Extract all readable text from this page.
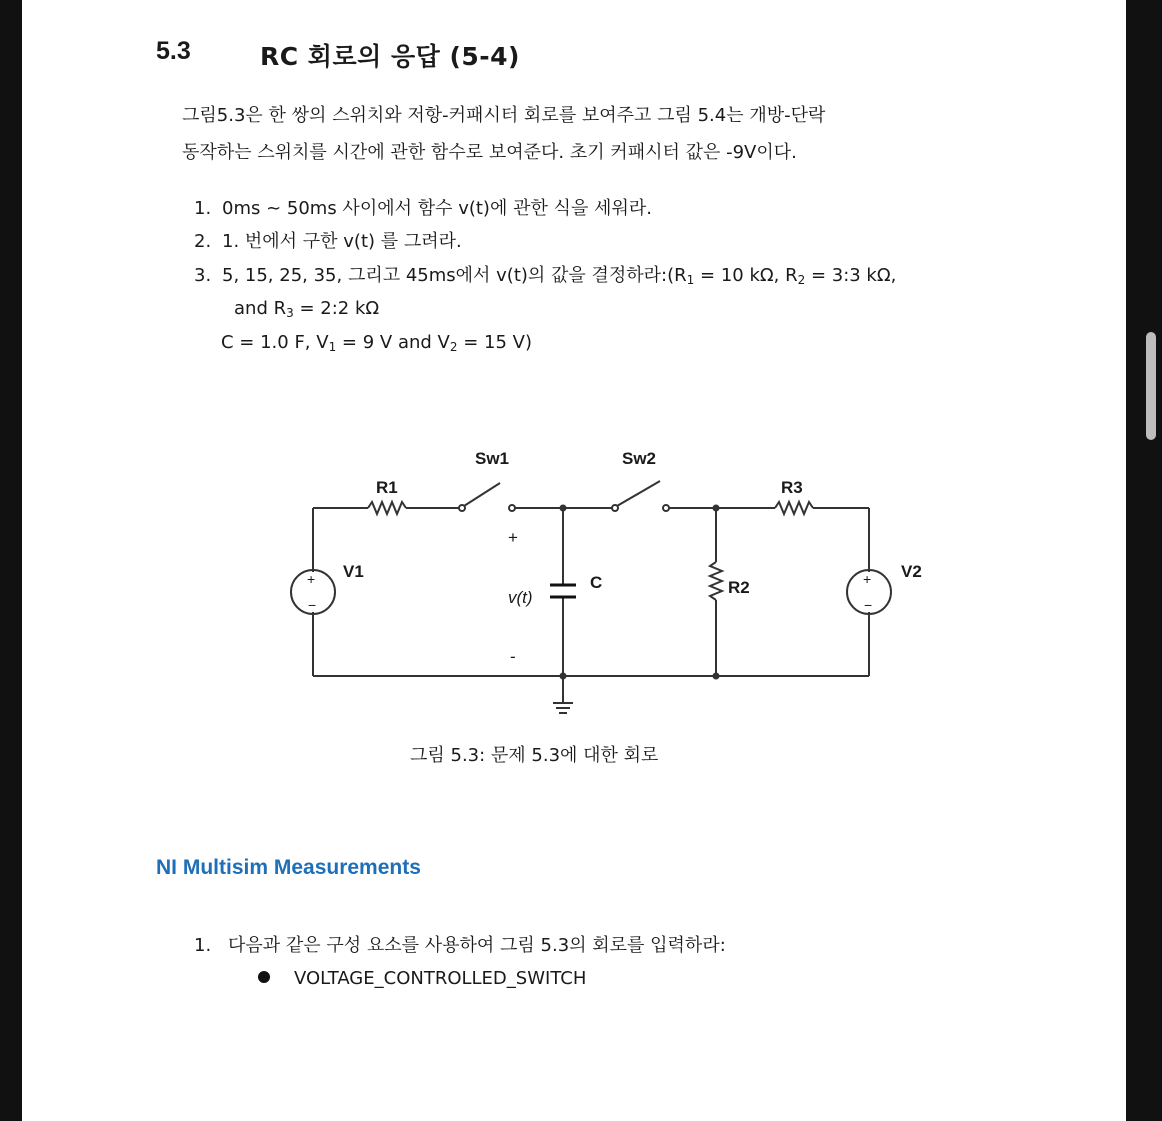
5.3	RC 회로의 응답 (5-4)
그림5.3은 한 쌍의 스위치와 저항-커패시터 회로를 보여주고 그림 5.4는 개방-단락
동작하는 스위치를 시간에 관한 함수로 보여준다. 초기 커패시터 값은 -9V이다.
1. 0ms ~ 50ms 사이에서 함수 v(t)에 관한 식을 세워라.
2. 1. 번에서 구한 v(t) 를 그려라.
3. 5, 15, 25, 35, 그리고 45ms에서 v(t)의 값을 결정하라$:(R_1 = 10$ kΩ, $R_2$ = 3:3 kΩ,
and $R_3$ = 2:2 kΩ
C = 1.0 F, $V_1 = 9$ V and $V_2 = 15$ V)
Sw1	Sw2
R1	R3
V1	V2
C	R2
v(t)
+
-
+
−
+
−
그림 5.3: 문제 5.3에 대한 회로
NI Multisim Measurements
1. 다음과 같은 구성 요소를 사용하여 그림 5.3의 회로를 입력하라:
VOLTAGE_CONTROLLED_SWITCH
